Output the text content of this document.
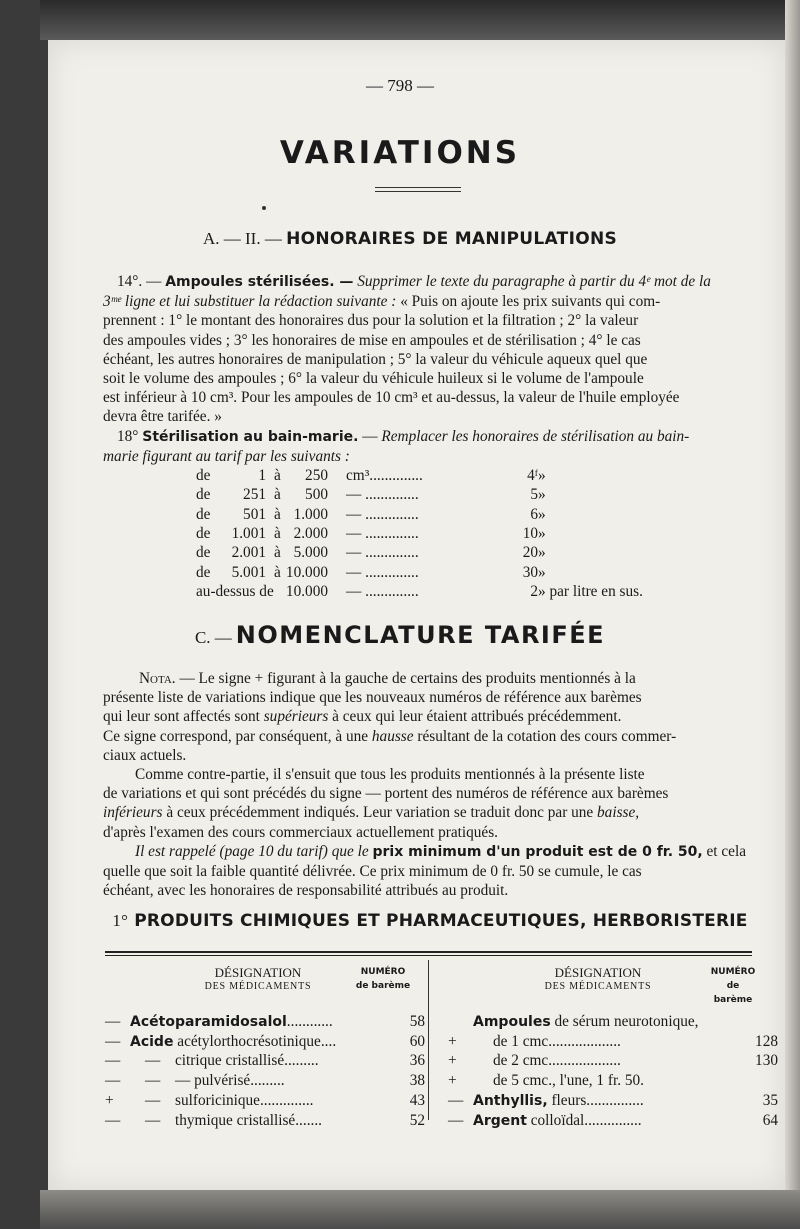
— 798 —
VARIATIONS
A. — II. — HONORAIRES DE MANIPULATIONS
14°. — Ampoules stérilisées. — Supprimer le texte du paragraphe à partir du 4ᵉ mot de la
3ᵐᵉ ligne et lui substituer la rédaction suivante : « Puis on ajoute les prix suivants qui com-
prennent : 1° le montant des honoraires dus pour la solution et la filtration ; 2° la valeur
des ampoules vides ; 3° les honoraires de mise en ampoules et de stérilisation ; 4° le cas
échéant, les autres honoraires de manipulation ; 5° la valeur du véhicule aqueux quel que
soit le volume des ampoules ; 6° la valeur du véhicule huileux si le volume de l'ampoule
est inférieur à 10 cm³. Pour les ampoules de 10 cm³ et au-dessus, la valeur de l'huile employée
devra être tarifée. »
18° Stérilisation au bain-marie. — Remplacer les honoraires de stérilisation au bain-
marie figurant au tarif par les suivants :
de	1 à 250 cm³..............	4ᶠ »
de 251 à 500 — ..............	5 »
de 501 à 1.000 — ..............	6 »
de 1.001 à 2.000 — ..............	10 »
de 2.001 à 5.000 — ..............	20 »
de 5.001 à 10.000 — ..............	30 »
au-dessus de 10.000 — ..............	2 » par litre en sus.
C. — NOMENCLATURE TARIFÉE
Nota. — Le signe + figurant à la gauche de certains des produits mentionnés à la
présente liste de variations indique que les nouveaux numéros de référence aux barèmes
qui leur sont affectés sont supérieurs à ceux qui leur étaient attribués précédemment.
Ce signe correspond, par conséquent, à une hausse résultant de la cotation des cours commer-
ciaux actuels.
Comme contre-partie, il s'ensuit que tous les produits mentionnés à la présente liste
de variations et qui sont précédés du signe — portent des numéros de référence aux barèmes
inférieurs à ceux précédemment indiqués. Leur variation se traduit donc par une baisse,
d'après l'examen des cours commerciaux actuellement pratiqués.
Il est rappelé (page 10 du tarif) que le prix minimum d'un produit est de 0 fr. 50, et cela
quelle que soit la faible quantité délivrée. Ce prix minimum de 0 fr. 50 se cumule, le cas
échéant, avec les honoraires de responsabilité attribués au produit.
1° PRODUITS CHIMIQUES ET PHARMACEUTIQUES, HERBORISTERIE
DÉSIGNATION
DES MÉDICAMENTS
NUMÉRO
de barème
DÉSIGNATION
DES MÉDICAMENTS
NUMÉRO
de barème
— Acétoparamidosalol............	58
— Acide acétylorthocrésotinique....	60
— — citrique cristallisé.........	36
— — — pulvérisé.........	38
+ — sulforicinique..............	43
— — thymique cristallisé.......	52
Ampoules de sérum neurotonique,
+ de 1 cmc...................	128
+ de 2 cmc...................	130
+ de 5 cmc., l'une, 1 fr. 50.
— Anthyllis, fleurs...............	35
— Argent colloïdal...............	64
